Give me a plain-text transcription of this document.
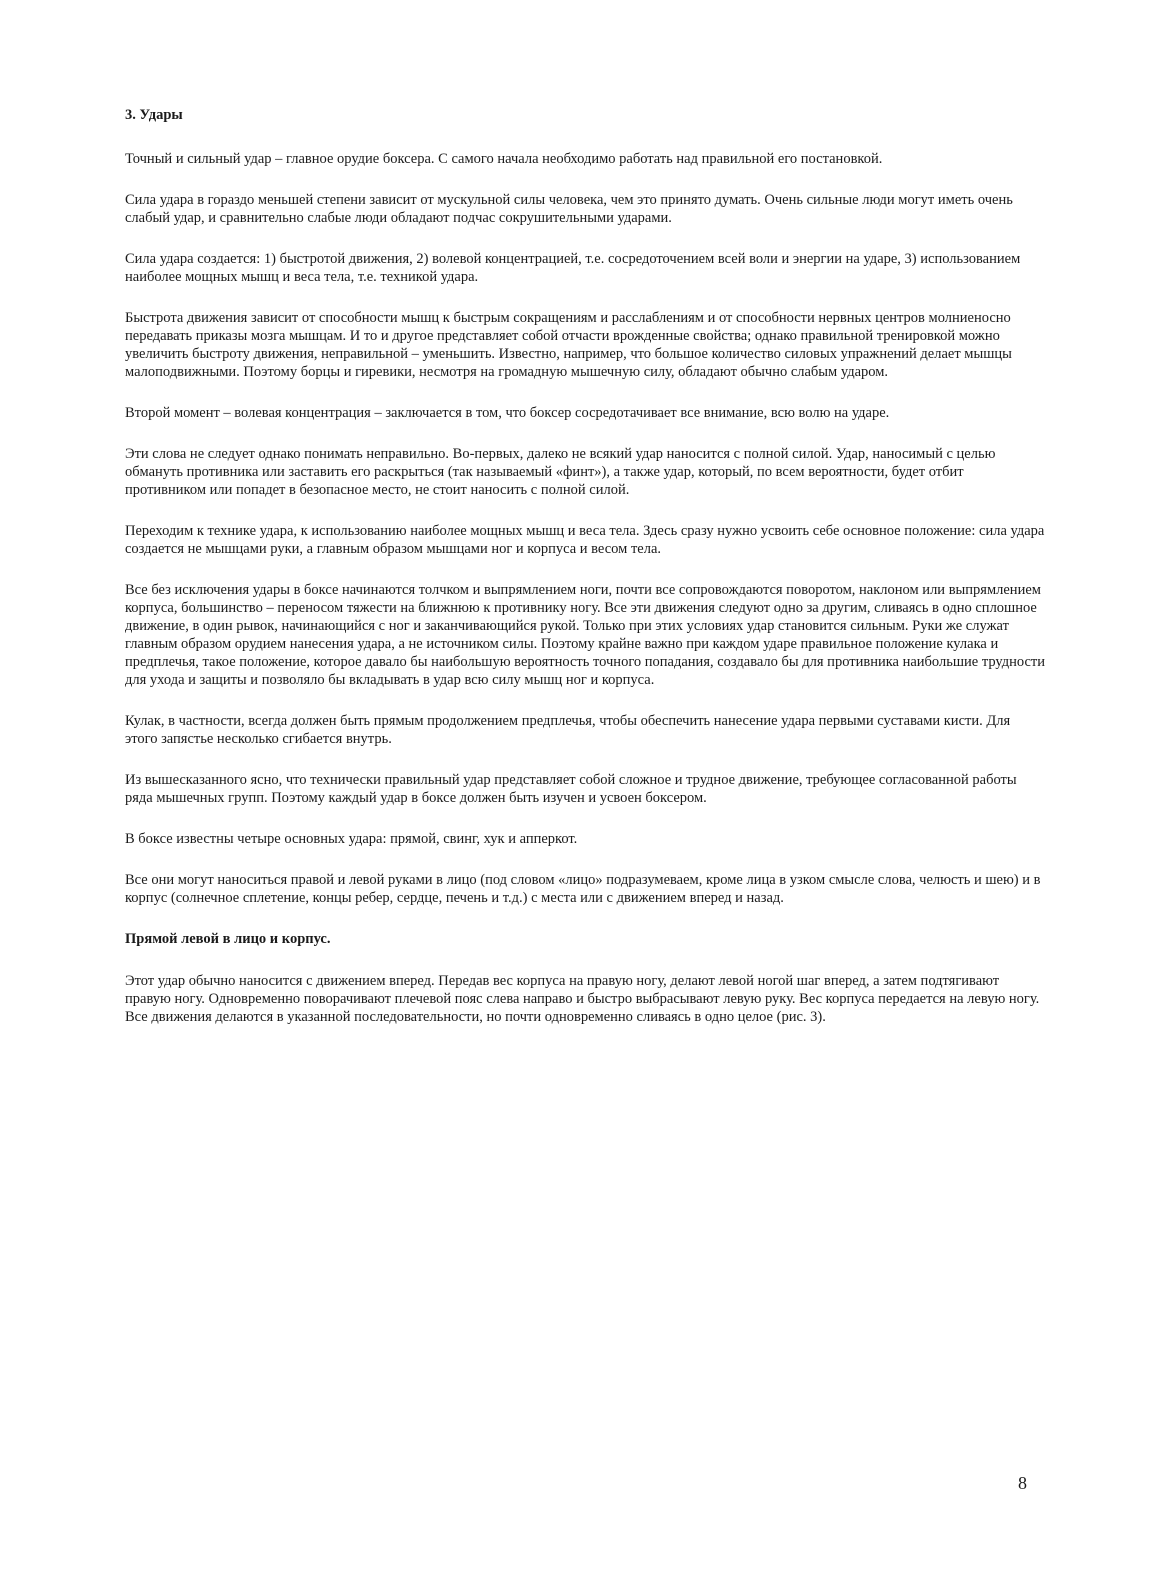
3. Удары

Точный и сильный удар – главное орудие боксера. С самого начала необходимо работать над правильной его постановкой.

Сила удара в гораздо меньшей степени зависит от мускульной силы человека, чем это принято думать. Очень сильные люди могут иметь очень слабый удар, и сравнительно слабые люди обладают подчас сокрушительными ударами.

Сила удара создается: 1) быстротой движения, 2) волевой концентрацией, т.е. сосредоточением всей воли и энергии на ударе, 3) использованием наиболее мощных мышц и веса тела, т.е. техникой удара.

Быстрота движения зависит от способности мышц к быстрым сокращениям и расслаблениям и от способности нервных центров молниеносно передавать приказы мозга мышцам. И то и другое представляет собой отчасти врожденные свойства; однако правильной тренировкой можно увеличить быстроту движения, неправильной – уменьшить. Известно, например, что большое количество силовых упражнений делает мышцы малоподвижными. Поэтому борцы и гиревики, несмотря на громадную мышечную силу, обладают обычно слабым ударом.

Второй момент – волевая концентрация – заключается в том, что боксер сосредотачивает все внимание, всю волю на ударе.

Эти слова не следует однако понимать неправильно. Во-первых, далеко не всякий удар наносится с полной силой. Удар, наносимый с целью обмануть противника или заставить его раскрыться (так называемый «финт»), а также удар, который, по всем вероятности, будет отбит противником или попадет в безопасное место, не стоит наносить с полной силой.

Переходим к технике удара, к использованию наиболее мощных мышц и веса тела. Здесь сразу нужно усвоить себе основное положение: сила удара создается не мышцами руки, а главным образом мышцами ног и корпуса и весом тела.

Все без исключения удары в боксе начинаются толчком и выпрямлением ноги, почти все сопровождаются поворотом, наклоном или выпрямлением корпуса, большинство – переносом тяжести на ближнюю к противнику ногу. Все эти движения следуют одно за другим, сливаясь в одно сплошное движение, в один рывок, начинающийся с ног и заканчивающийся рукой. Только при этих условиях удар становится сильным. Руки же служат главным образом орудием нанесения удара, а не источником силы. Поэтому крайне важно при каждом ударе правильное положение кулака и предплечья, такое положение, которое давало бы наибольшую вероятность точного попадания, создавало бы для противника наибольшие трудности для ухода и защиты и позволяло бы вкладывать в удар всю силу мышц ног и корпуса.

Кулак, в частности, всегда должен быть прямым продолжением предплечья, чтобы обеспечить нанесение удара первыми суставами кисти. Для этого запястье несколько сгибается внутрь.

Из вышесказанного ясно, что технически правильный удар представляет собой сложное и трудное движение, требующее согласованной работы ряда мышечных групп. Поэтому каждый удар в боксе должен быть изучен и усвоен боксером.

В боксе известны четыре основных удара: прямой, свинг, хук и апперкот.

Все они могут наноситься правой и левой руками в лицо (под словом «лицо» подразумеваем, кроме лица в узком смысле слова, челюсть и шею) и в корпус (солнечное сплетение, концы ребер, сердце, печень и т.д.) с места или с движением вперед и назад.

Прямой левой в лицо и корпус.

Этот удар обычно наносится с движением вперед. Передав вес корпуса на правую ногу, делают левой ногой шаг вперед, а затем подтягивают правую ногу. Одновременно поворачивают плечевой пояс слева направо и быстро выбрасывают левую руку. Вес корпуса передается на левую ногу. Все движения делаются в указанной последовательности, но почти одновременно сливаясь в одно целое (рис. 3).

8
